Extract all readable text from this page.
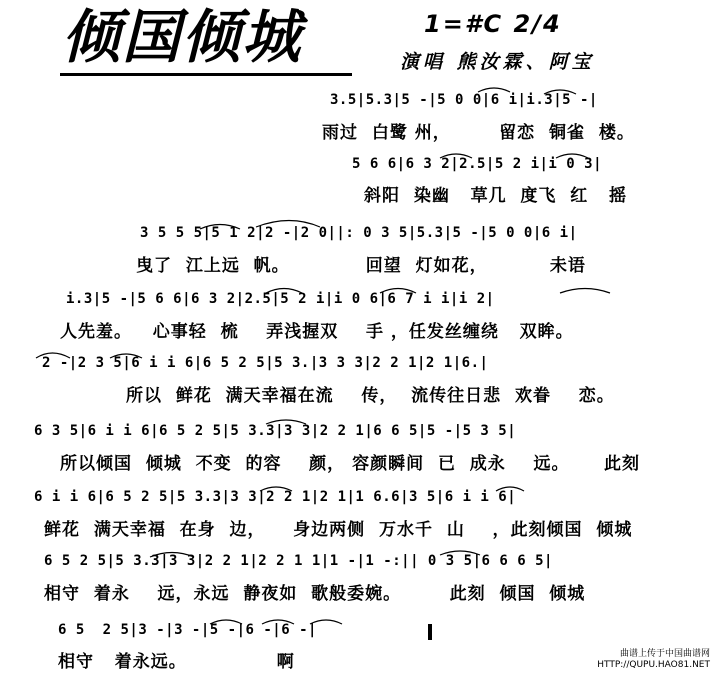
倾国倾城	1=#C 2/4
演唱 熊汝霖、阿宝
3.5|5.3|5 -|5 0 0|6 i|i.3|5 -|
雨过  白鹭 州，       留恋  铜雀  楼。
5 6 6|6 3 2|2.5|5 2 i|i 0 3|
斜阳  染幽   草几  度飞  红   摇
3 5 5 5|5 1 2|2 -|2 0||: 0 3 5|5.3|5 -|5 0 0|6 i|
曳了  江上远  帆。           回望  灯如花，         未语
i.3|5 -|5 6 6|6 3 2|2.5|5 2 i|i 0 6|6 7 i i|i 2|
人先羞。   心事轻  梳    弄浅握双    手 ，任发丝缠绕   双眸。
2 -|2 3 5|6 i i 6|6 5 2 5|5 3.|3 3 3|2 2 1|2 1|6.|
所以  鲜花  满天幸福在流    传，  流传往日悲  欢眷    恋。
6 3 5|6 i i 6|6 5 2 5|5 3.3|3 3|2 2 1|6 6 5|5 -|5 3 5|
所以倾国  倾城  不变  的容    颜， 容颜瞬间  已  成永    远。     此刻
6 i i 6|6 5 2 5|5 3.3|3 3|2 2 1|2 1|1 6.6|3 5|6 i i 6|
鲜花  满天幸福  在身  边，    身边两侧  万水千  山    ，此刻倾国  倾城
6 5 2 5|5 3.3|3 3|2 2 1|2 2 1 1|1 -|1 -:|| 0 3 5|6 6 6 5|
相守  着永    远，永远  静夜如  歌般委婉。       此刻  倾国  倾城
6 5  2 5|3 -|3 -|5 -|6 -|6 -|
相守   着永远。             啊	曲谱上传于中国曲谱网
HTTP://QUPU.HAO81.NET
